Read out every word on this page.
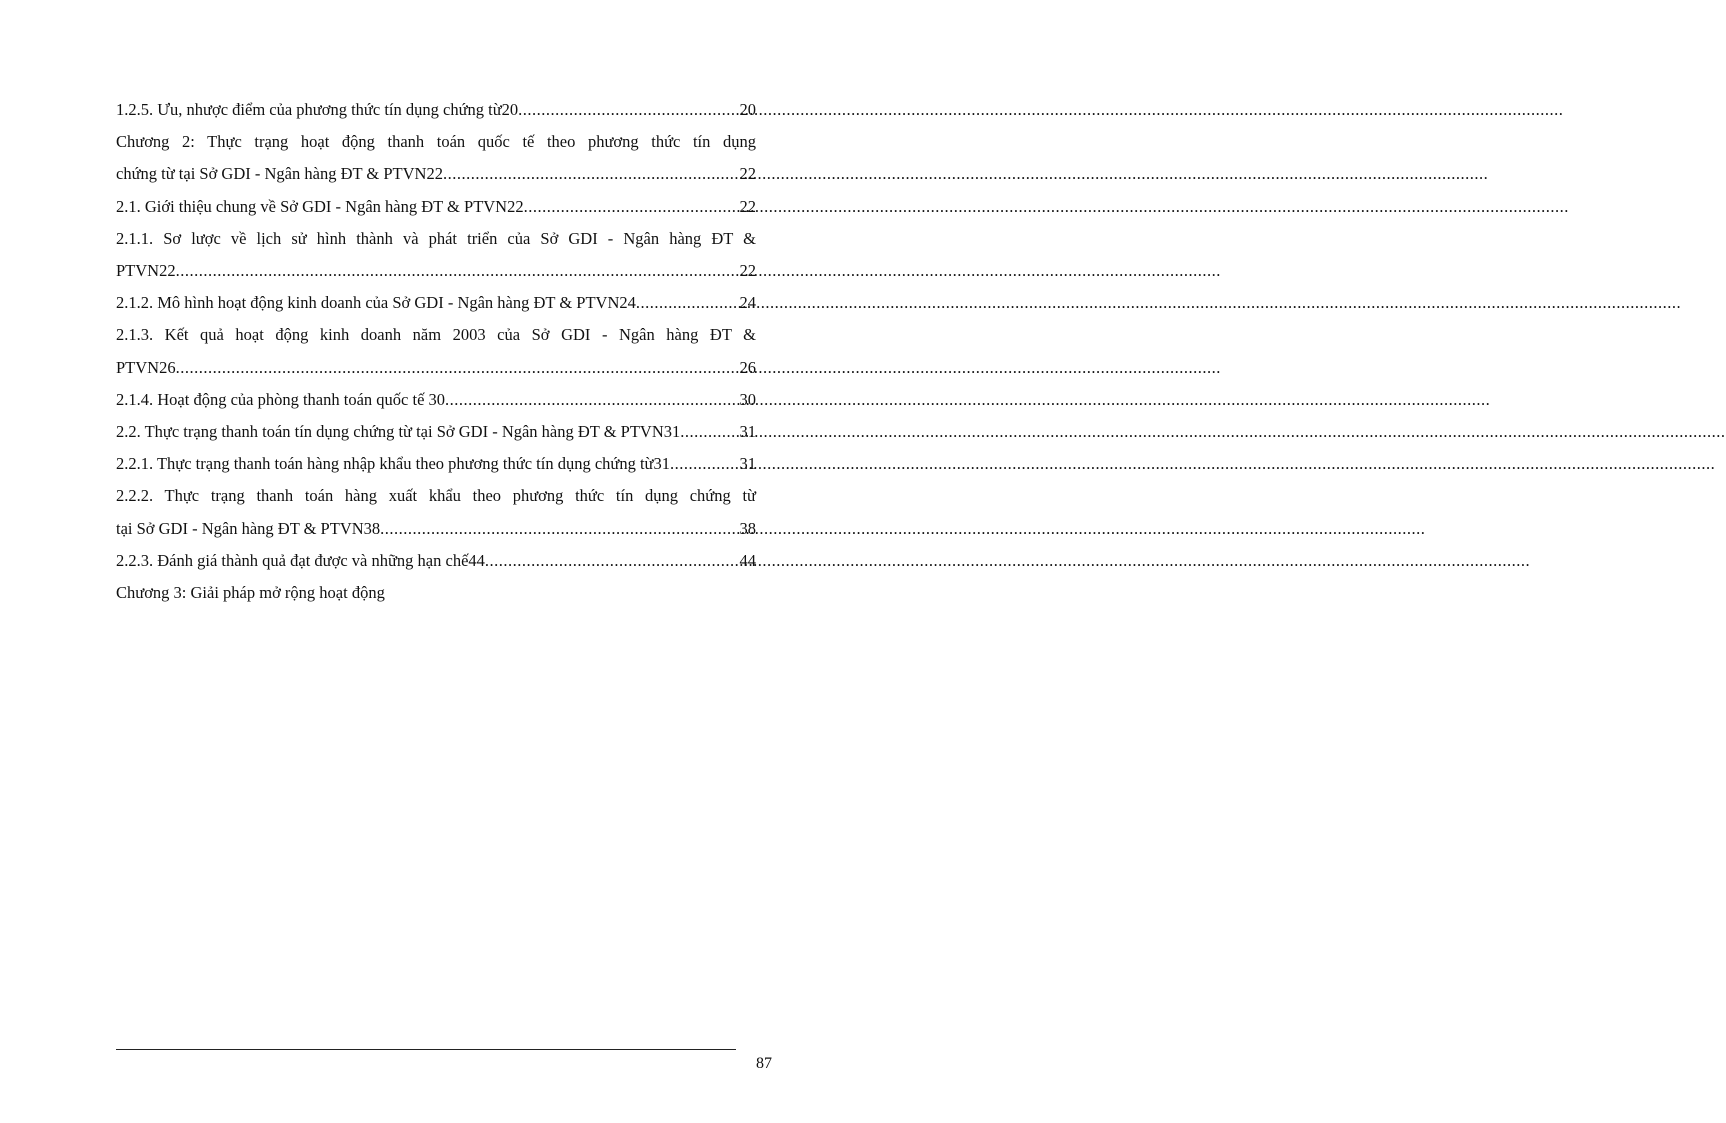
1.2.5. Ưu, nhược điểm của phương thức tín dụng chứng từ20 .....	20
Chương 2: Thực trạng hoạt động thanh toán quốc tế theo phương thức tín dụng
chứng từ tại Sở GDI - Ngân hàng ĐT & PTVN22 .....	22
2.1. Giới thiệu chung về Sở GDI - Ngân hàng ĐT & PTVN22 .....	22
2.1.1. Sơ lược về lịch sử hình thành và phát triển của Sở GDI - Ngân hàng ĐT &
PTVN22 .....	22
2.1.2. Mô hình hoạt động kinh doanh của Sở GDI - Ngân hàng ĐT & PTVN24 .....	24
2.1.3. Kết quả hoạt động kinh doanh năm 2003 của Sở GDI - Ngân hàng ĐT &
PTVN26 .....	26
2.1.4. Hoạt động của phòng thanh toán quốc tế 30 .....	30
2.2. Thực trạng thanh toán tín dụng chứng từ tại Sở GDI - Ngân hàng ĐT & PTVN31 .....	31
2.2.1. Thực trạng thanh toán hàng nhập khẩu theo phương thức tín dụng chứng từ31 .....	31
2.2.2. Thực trạng thanh toán hàng xuất khẩu theo phương thức tín dụng chứng từ
tại Sở GDI - Ngân hàng ĐT & PTVN38 .....	38
2.2.3. Đánh giá thành quả đạt được và những hạn chế44 .....	44
Chương 3: Giải pháp mở rộng hoạt động
87
